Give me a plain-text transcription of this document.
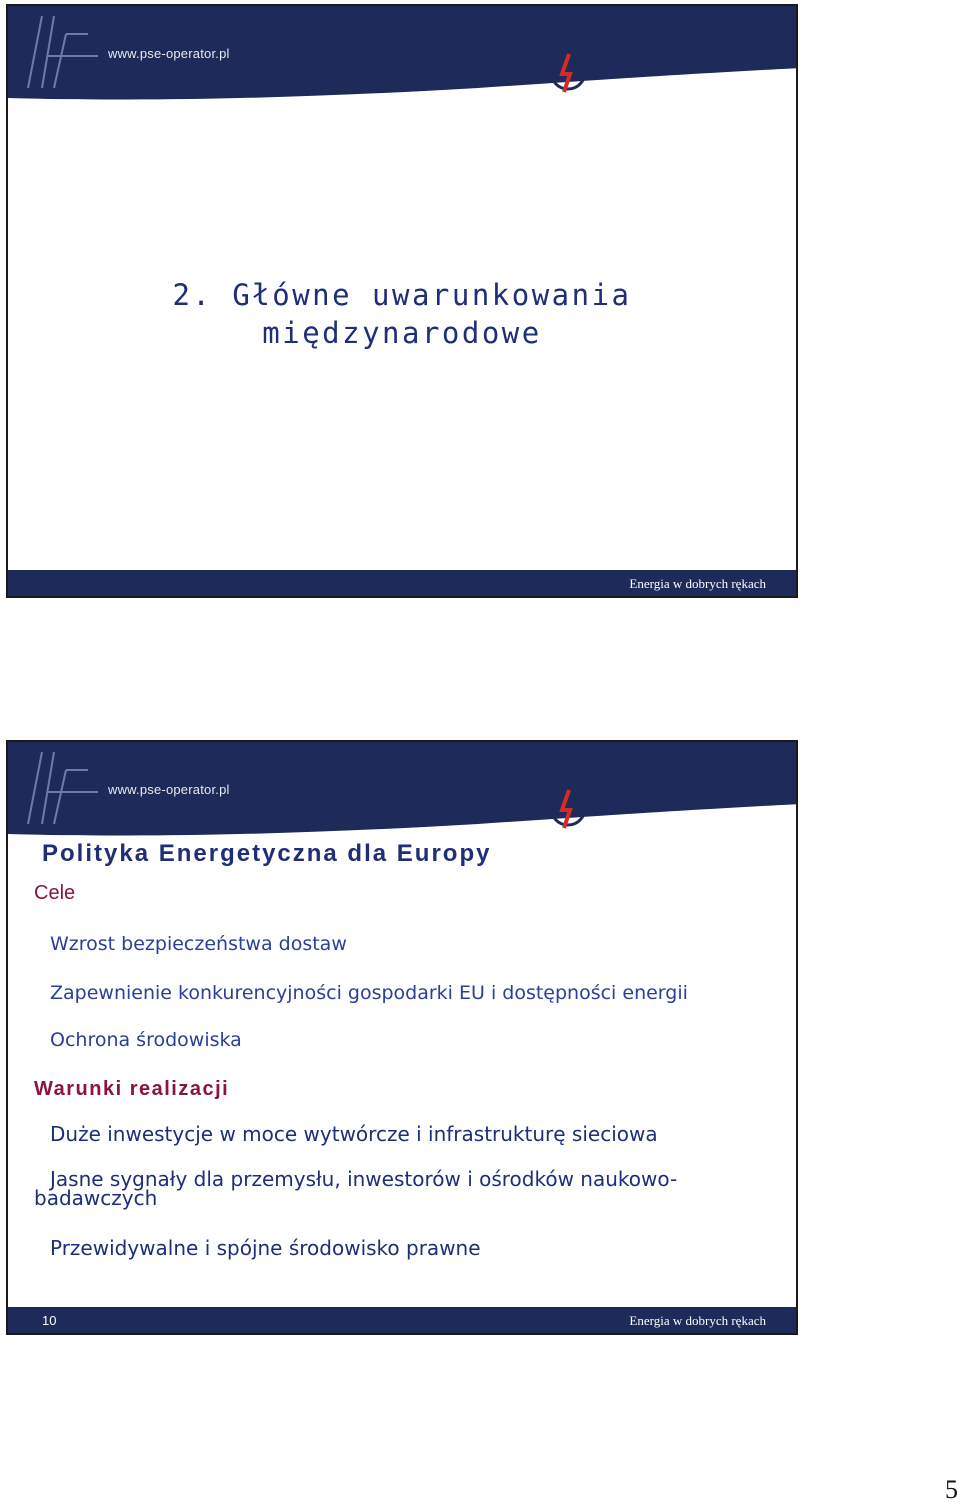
www.pse-operator.pl
Polskie Sieci Elektroenergetyczne
Operator S.A.
2. Główne uwarunkowania
międzynarodowe
Energia w dobrych rękach
www.pse-operator.pl
Polskie Sieci Elektroenergetyczne
Operator S.A.
Polityka Energetyczna dla Europy
Cele
Wzrost bezpieczeństwa dostaw
Zapewnienie konkurencyjności gospodarki EU i dostępności energii
Ochrona środowiska
Warunki realizacji
Duże inwestycje w moce wytwórcze i infrastrukturę sieciowa
Jasne sygnały dla przemysłu, inwestorów i ośrodków naukowo-badawczych
Przewidywalne i spójne środowisko prawne
10	Energia w dobrych rękach
5
